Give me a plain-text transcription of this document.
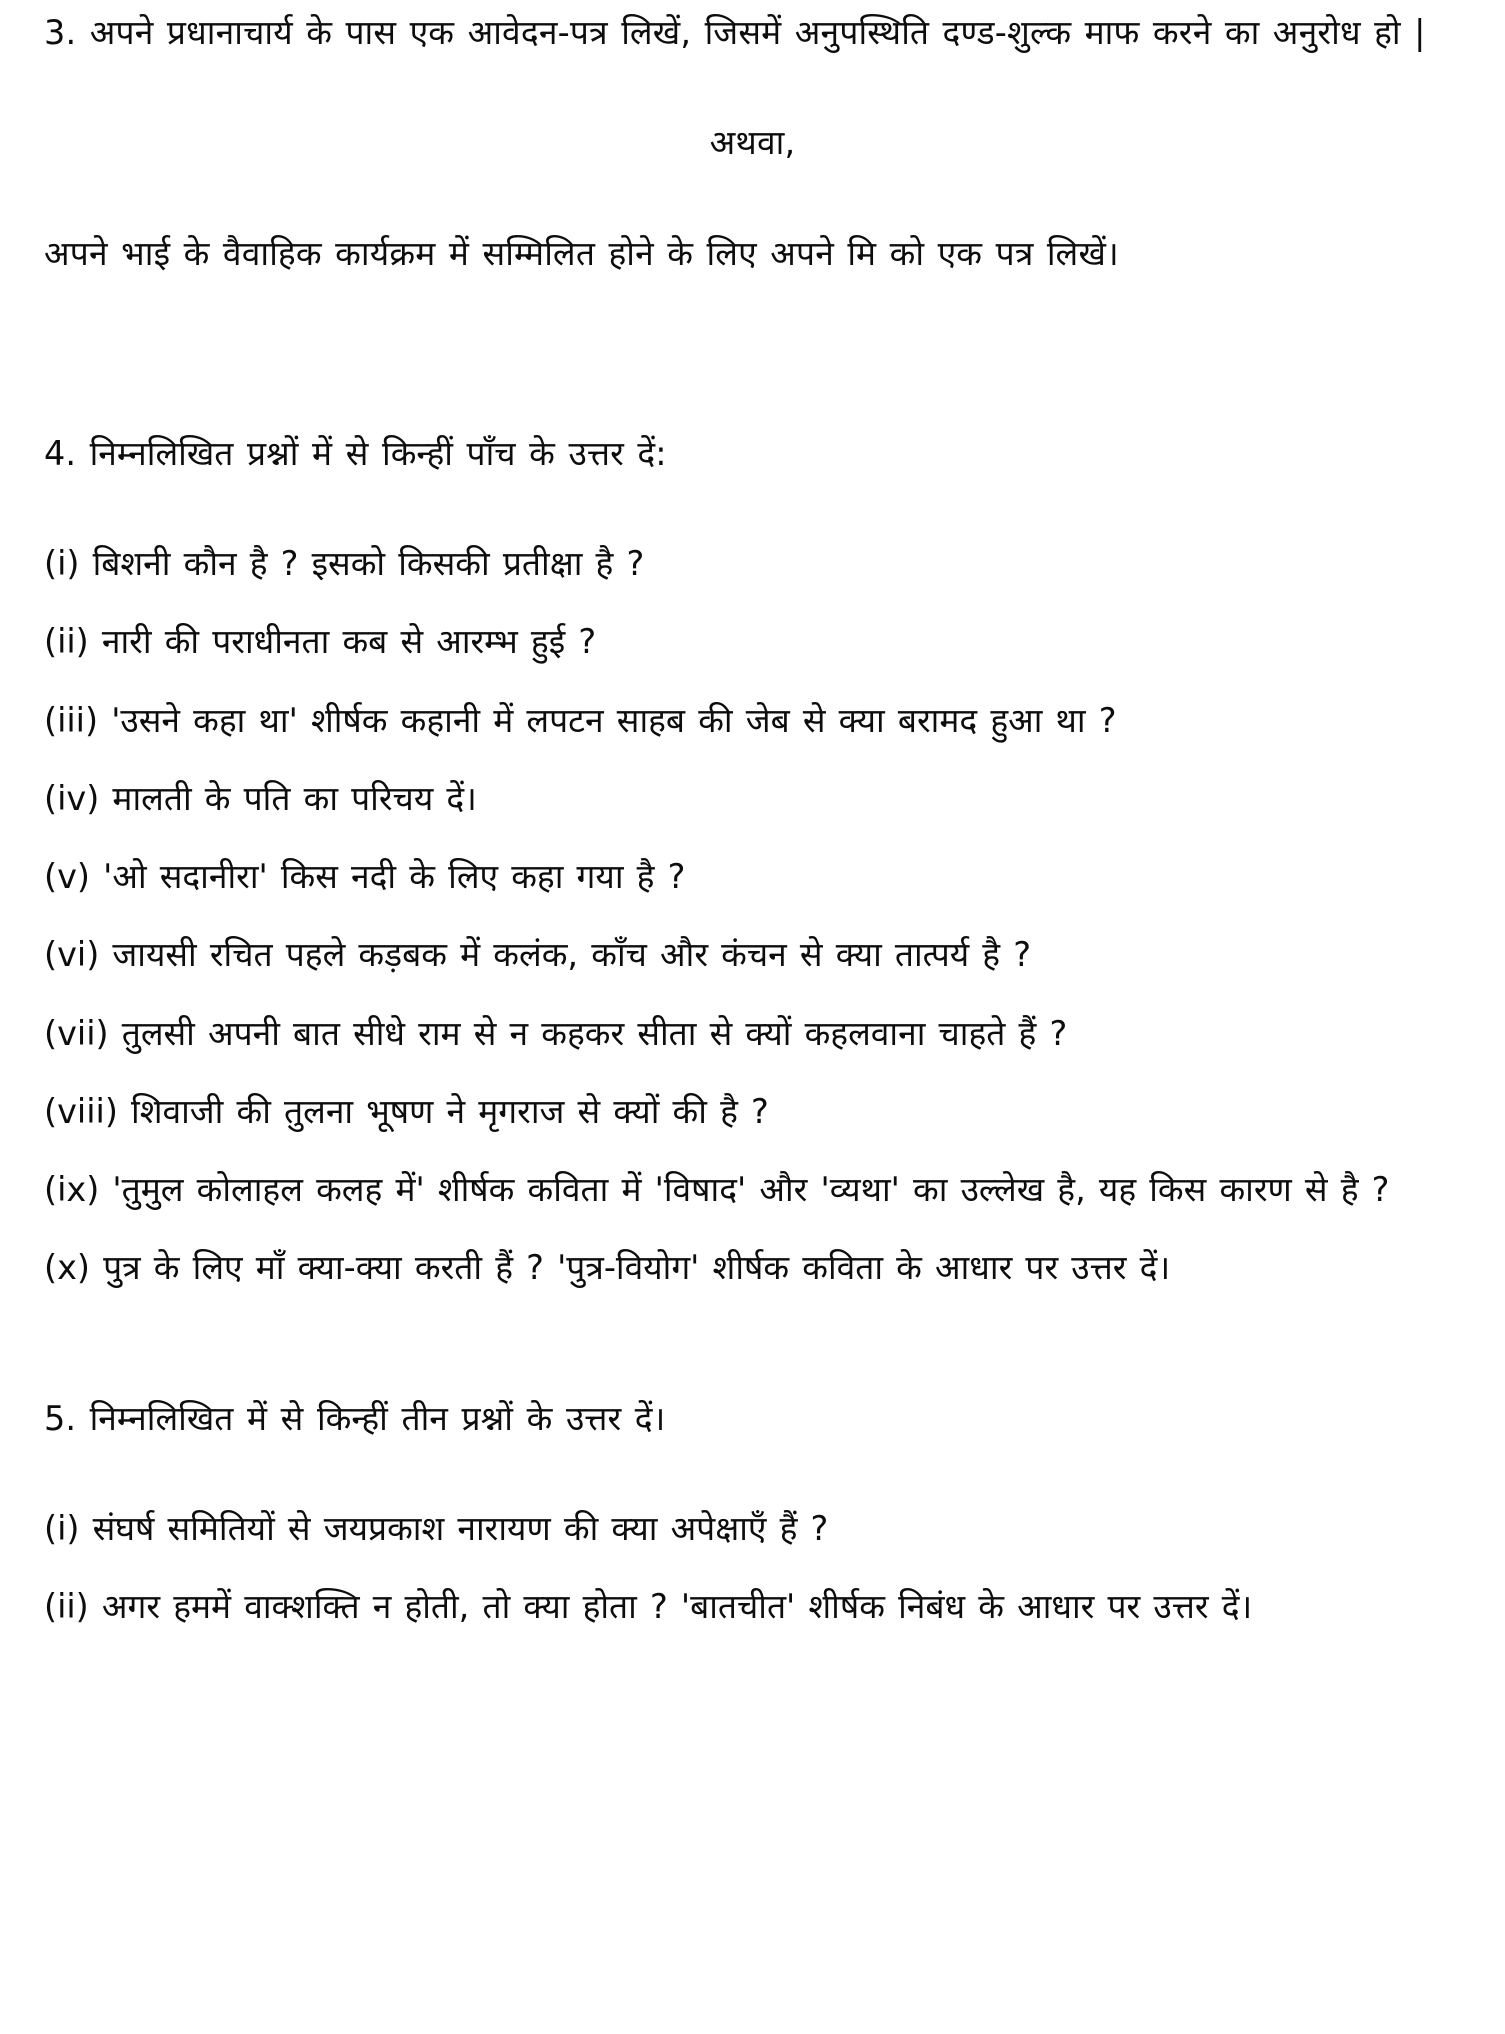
3. अपने प्रधानाचार्य के पास एक आवेदन-पत्र लिखें, जिसमें अनुपस्थिति दण्ड-शुल्क माफ करने का अनुरोध हो |

अथवा,

अपने भाई के वैवाहिक कार्यक्रम में सम्मिलित होने के लिए अपने मि को एक पत्र लिखें।

4. निम्नलिखित प्रश्नों में से किन्हीं पाँच के उत्तर दें:

(i) बिशनी कौन है ? इसको किसकी प्रतीक्षा है ?

(ii) नारी की पराधीनता कब से आरम्भ हुई ?

(iii) 'उसने कहा था' शीर्षक कहानी में लपटन साहब की जेब से क्या बरामद हुआ था ?

(iv) मालती के पति का परिचय दें।

(v) 'ओ सदानीरा' किस नदी के लिए कहा गया है ?

(vi) जायसी रचित पहले कड़बक में कलंक, काँच और कंचन से क्या तात्पर्य है ?

(vii) तुलसी अपनी बात सीधे राम से न कहकर सीता से क्यों कहलवाना चाहते हैं ?

(viii) शिवाजी की तुलना भूषण ने मृगराज से क्यों की है ?

(ix) 'तुमुल कोलाहल कलह में' शीर्षक कविता में 'विषाद' और 'व्यथा' का उल्लेख है, यह किस कारण से है ?

(x) पुत्र के लिए माँ क्या-क्या करती हैं ? 'पुत्र-वियोग' शीर्षक कविता के आधार पर उत्तर दें।

5. निम्नलिखित में से किन्हीं तीन प्रश्नों के उत्तर दें।

(i) संघर्ष समितियों से जयप्रकाश नारायण की क्या अपेक्षाएँ हैं ?

(ii) अगर हममें वाक्शक्ति न होती, तो क्या होता ? 'बातचीत' शीर्षक निबंध के आधार पर उत्तर दें।
